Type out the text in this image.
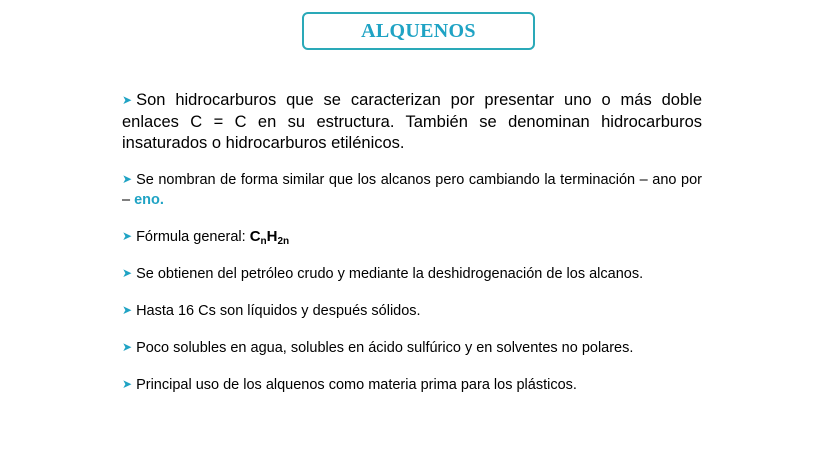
ALQUENOS

➤ Son hidrocarburos que se caracterizan por presentar uno o más doble enlaces C = C en su estructura. También se denominan hidrocarburos insaturados o hidrocarburos etilénicos.

➤ Se nombran de forma similar que los alcanos pero cambiando la terminación – ano por – eno.

➤ Fórmula general: $C_nH_{2n}$

➤ Se obtienen del petróleo crudo y mediante la deshidrogenación de los alcanos.

➤ Hasta 16 Cs son líquidos y después sólidos.

➤ Poco solubles en agua, solubles en ácido sulfúrico y en solventes no polares.

➤ Principal uso de los alquenos como materia prima para los plásticos.
